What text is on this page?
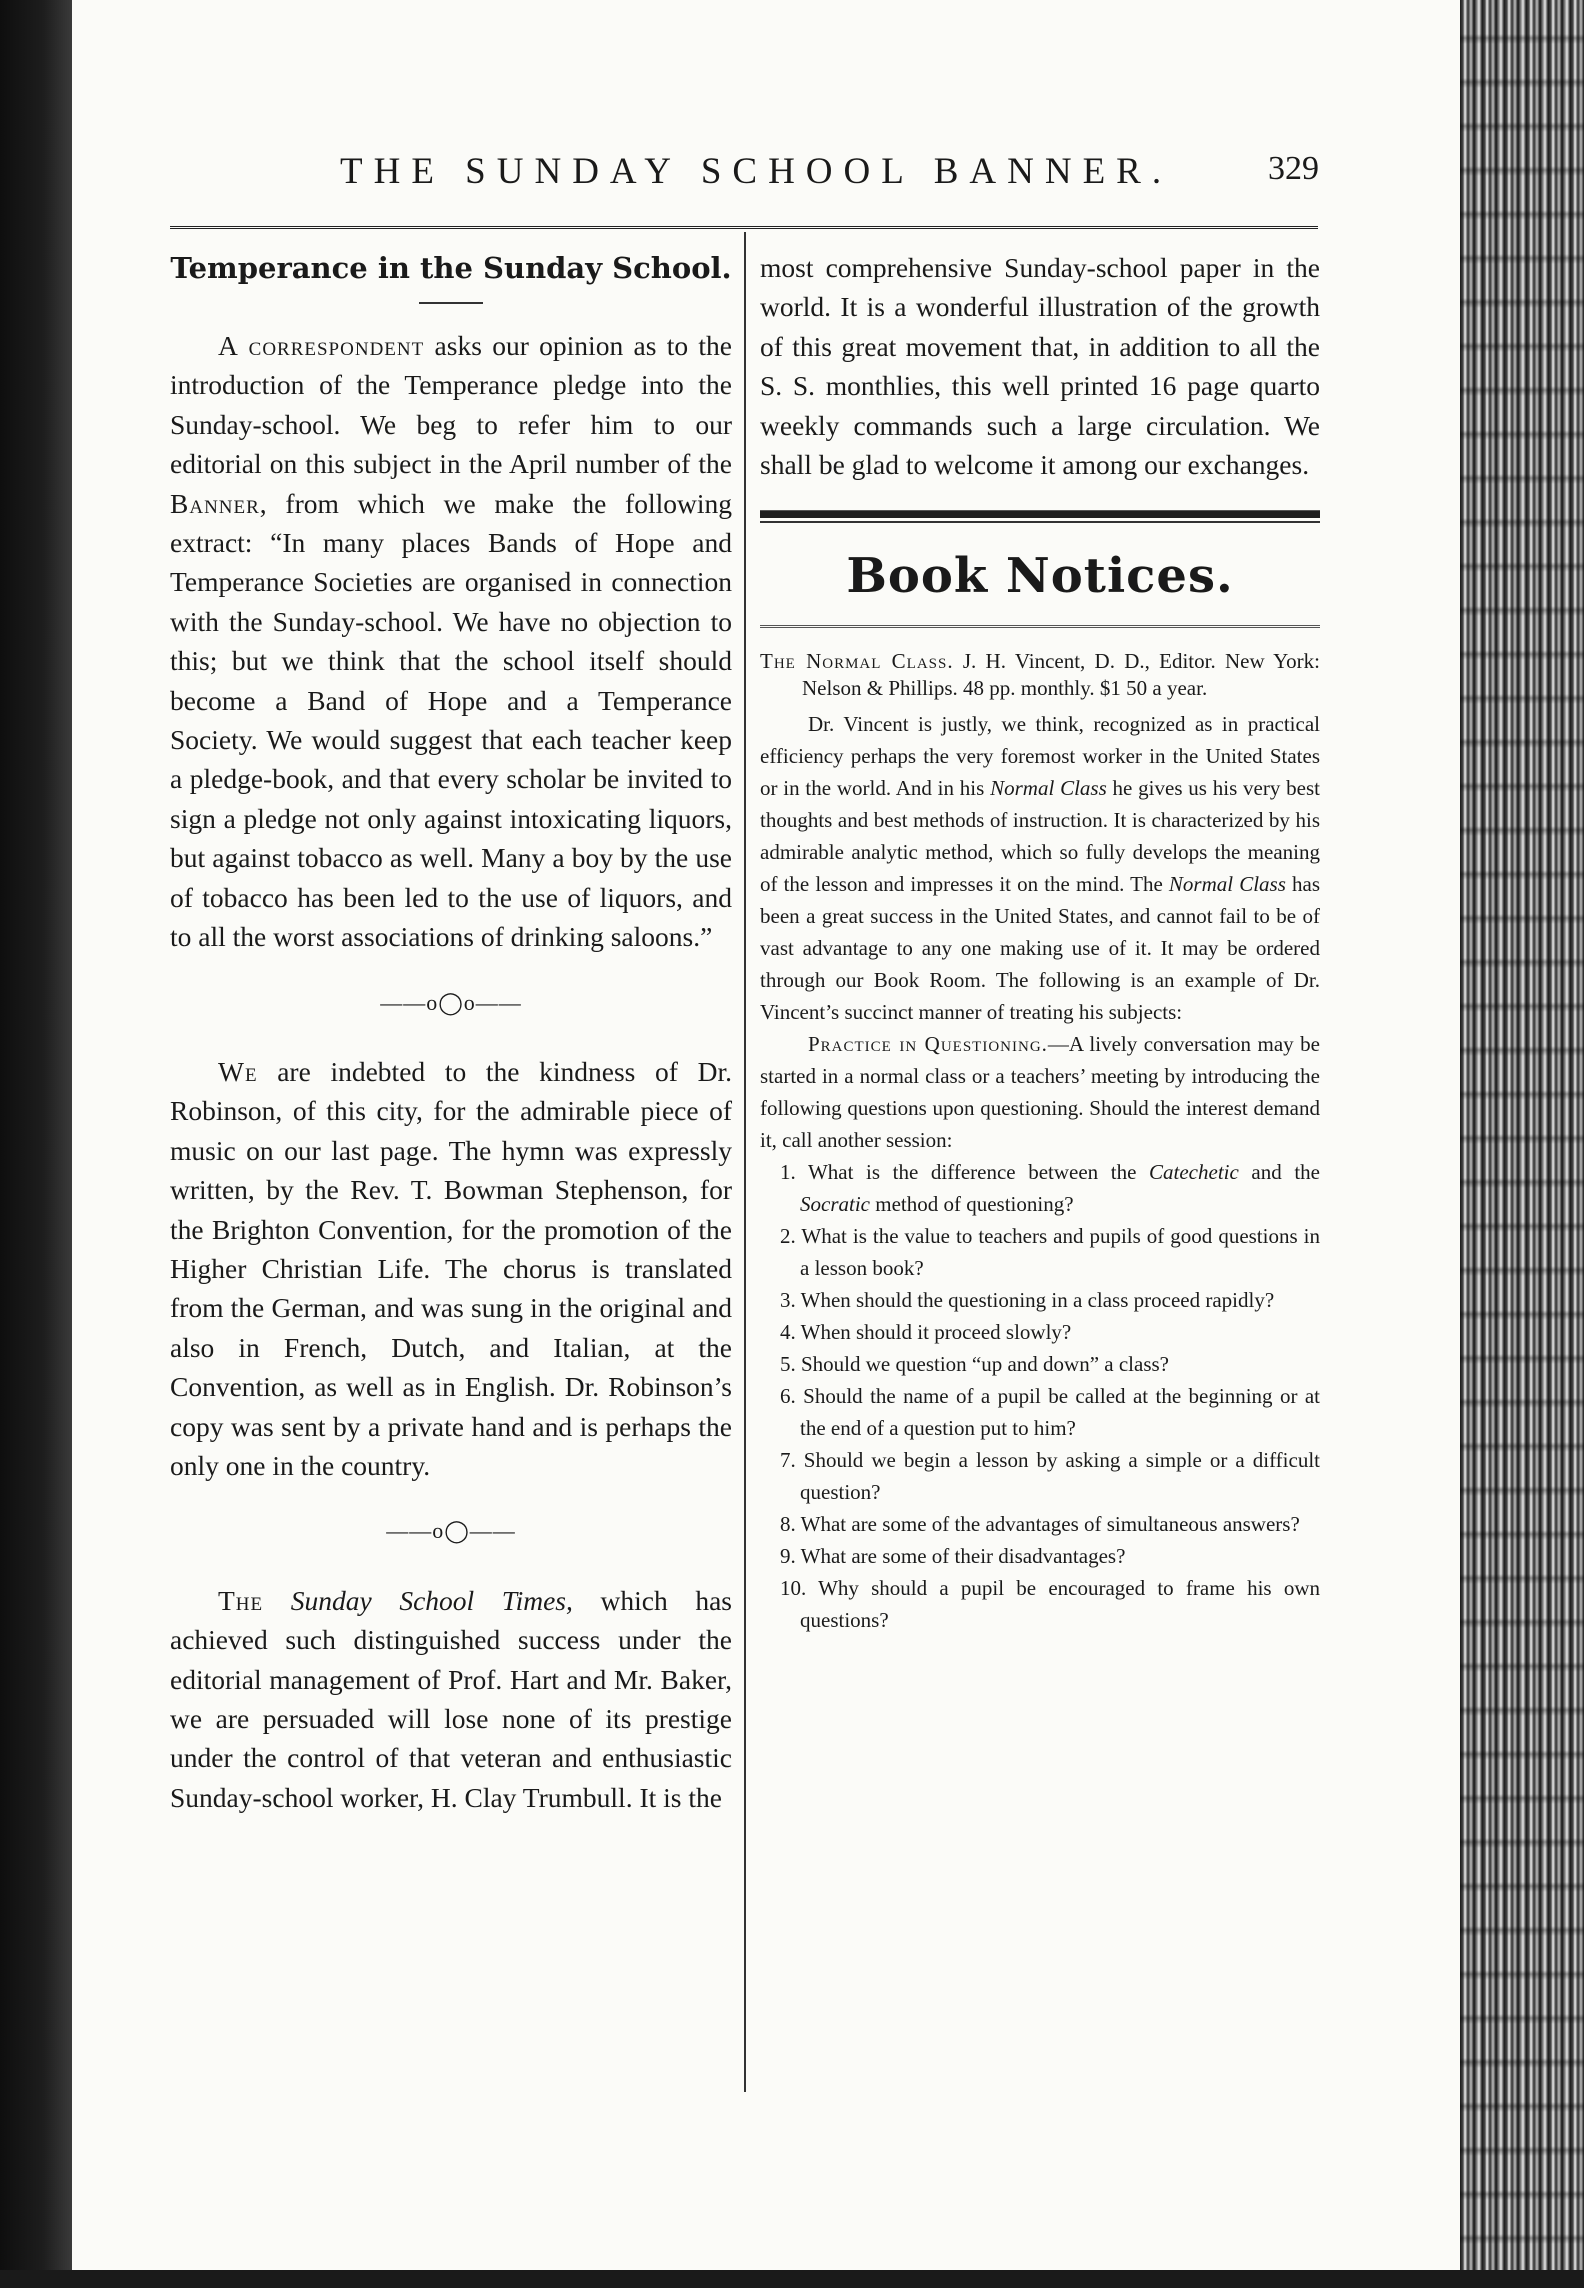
THE SUNDAY SCHOOL BANNER.	329
Temperance in the Sunday School.

A correspondent asks our opinion as to the introduction of the Temperance pledge into the Sunday-school. We beg to refer him to our editorial on this subject in the April number of the Banner, from which we make the following extract: “In many places Bands of Hope and Temperance Societies are organised in connection with the Sunday-school. We have no objection to this; but we think that the school itself should become a Band of Hope and a Temperance Society. We would suggest that each teacher keep a pledge-book, and that every scholar be invited to sign a pledge not only against intoxicating liquors, but against tobacco as well. Many a boy by the use of tobacco has been led to the use of liquors, and to all the worst associations of drinking saloons.”

——o◯o——

We are indebted to the kindness of Dr. Robinson, of this city, for the admirable piece of music on our last page. The hymn was expressly written, by the Rev. T. Bowman Stephenson, for the Brighton Convention, for the promotion of the Higher Christian Life. The chorus is translated from the German, and was sung in the original and also in French, Dutch, and Italian, at the Convention, as well as in English. Dr. Robinson’s copy was sent by a private hand and is perhaps the only one in the country.

——o◯——

The Sunday School Times, which has achieved such distinguished success under the editorial management of Prof. Hart and Mr. Baker, we are persuaded will lose none of its prestige under the control of that veteran and enthusiastic Sunday-school worker, H. Clay Trumbull. It is the

most comprehensive Sunday-school paper in the world. It is a wonderful illustration of the growth of this great movement that, in addition to all the S. S. monthlies, this well printed 16 page quarto weekly commands such a large circulation. We shall be glad to welcome it among our exchanges.

Book Notices.

The Normal Class. J. H. Vincent, D. D., Editor. New York: Nelson & Phillips. 48 pp. monthly. $1 50 a year.

Dr. Vincent is justly, we think, recognized as in practical efficiency perhaps the very foremost worker in the United States or in the world. And in his Normal Class he gives us his very best thoughts and best methods of instruction. It is characterized by his admirable analytic method, which so fully develops the meaning of the lesson and impresses it on the mind. The Normal Class has been a great success in the United States, and cannot fail to be of vast advantage to any one making use of it. It may be ordered through our Book Room. The following is an example of Dr. Vincent’s succinct manner of treating his subjects:

Practice in Questioning.—A lively conversation may be started in a normal class or a teachers’ meeting by introducing the following questions upon questioning. Should the interest demand it, call another session:

1. What is the difference between the Catechetic and the Socratic method of questioning?
2. What is the value to teachers and pupils of good questions in a lesson book?
3. When should the questioning in a class proceed rapidly?
4. When should it proceed slowly?
5. Should we question “up and down” a class?
6. Should the name of a pupil be called at the beginning or at the end of a question put to him?
7. Should we begin a lesson by asking a simple or a difficult question?
8. What are some of the advantages of simultaneous answers?
9. What are some of their disadvantages?
10. Why should a pupil be encouraged to frame his own questions?
